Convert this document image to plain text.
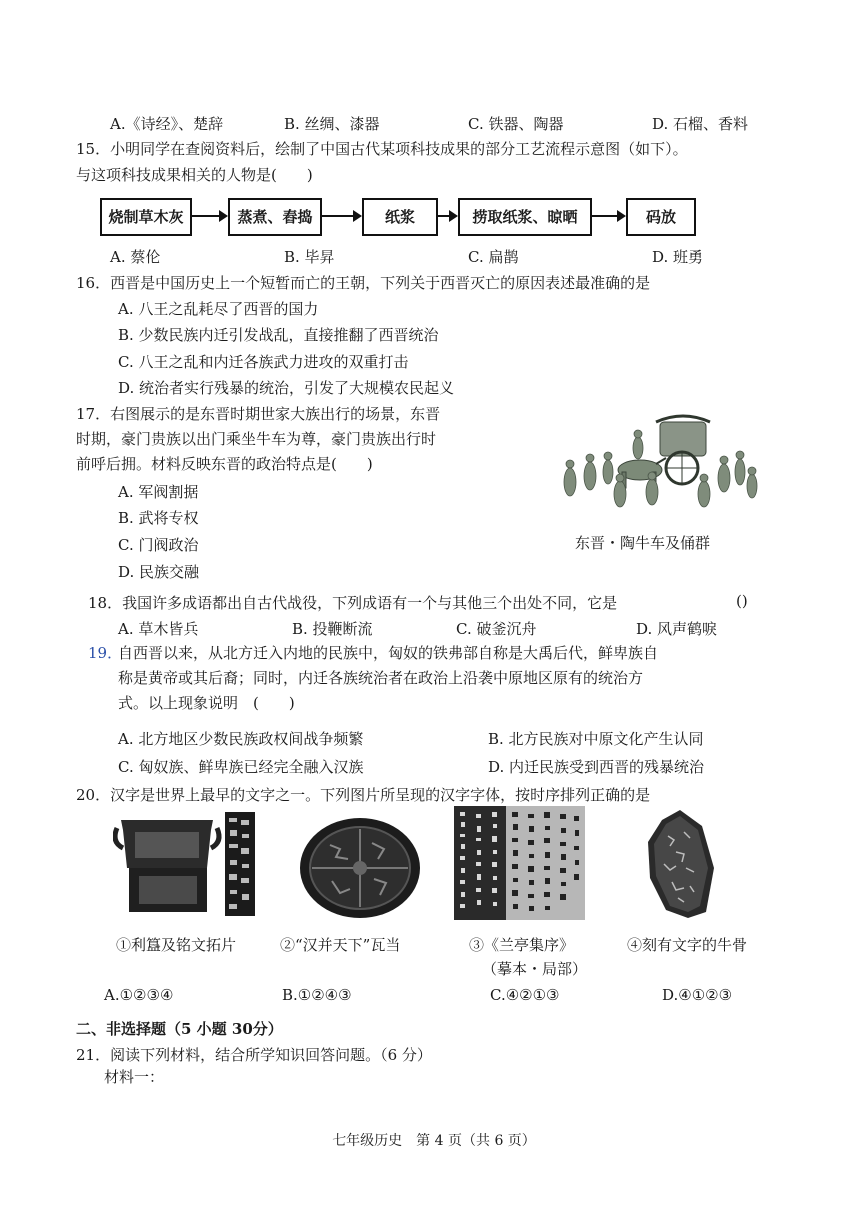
A.《诗经》、楚辞	B. 丝绸、漆器	C. 铁器、陶器	D. 石榴、香料
15．小明同学在查阅资料后，绘制了中国古代某项科技成果的部分工艺流程示意图（如下）。
与这项科技成果相关的人物是(　　)
烧制草木灰	蒸煮、舂捣	纸浆	捞取纸浆、晾晒	码放
A. 蔡伦	B. 毕昇	C. 扁鹊	D. 班勇
16．西晋是中国历史上一个短暂而亡的王朝，下列关于西晋灭亡的原因表述最准确的是
A. 八王之乱耗尽了西晋的国力
B. 少数民族内迁引发战乱，直接推翻了西晋统治
C. 八王之乱和内迁各族武力进攻的双重打击
D. 统治者实行残暴的统治，引发了大规模农民起义
17．右图展示的是东晋时期世家大族出行的场景，东晋
时期，豪门贵族以出门乘坐牛车为尊，豪门贵族出行时
前呼后拥。材料反映东晋的政治特点是(　　)
A. 军阀割据
B. 武将专权
C. 门阀政治
D. 民族交融
东晋・陶牛车及俑群
18．我国许多成语都出自古代战役，下列成语有一个与其他三个出处不同，它是	()
A. 草木皆兵	B. 投鞭断流	C. 破釜沉舟	D. 风声鹤唳
19．
自西晋以来，从北方迁入内地的民族中，匈奴的铁弗部自称是大禹后代，鲜卑族自
称是黄帝或其后裔；同时，内迁各族统治者在政治上沿袭中原地区原有的统治方
式。以上现象说明　(　　)
A. 北方地区少数民族政权间战争频繁	B. 北方民族对中原文化产生认同
C. 匈奴族、鲜卑族已经完全融入汉族	D. 内迁民族受到西晋的残暴统治
20．汉字是世界上最早的文字之一。下列图片所呈现的汉字字体，按时序排列正确的是
①利簋及铭文拓片	②“汉并天下”瓦当	③《兰亭集序》	④刻有文字的牛骨
（摹本・局部）
A.①②③④	B.①②④③	C.④②①③	D.④①②③
二、非选择题（5 小题 30分）
21．阅读下列材料，结合所学知识回答问题。（6 分）
材料一：
七年级历史　第 4 页（共 6 页）
